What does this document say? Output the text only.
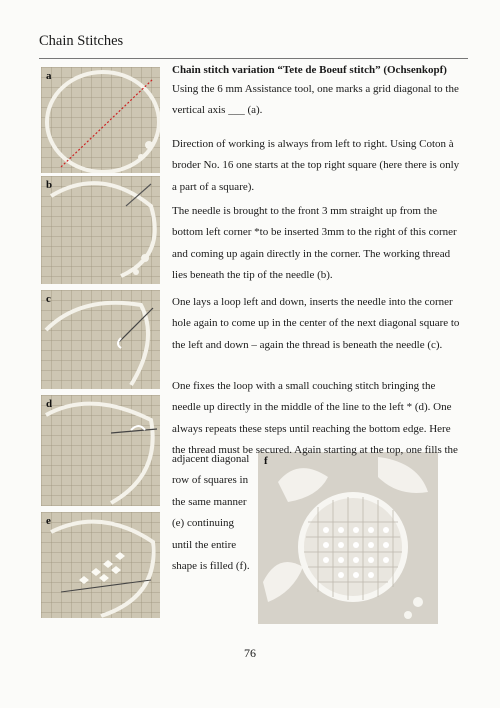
Chain Stitches
a
b
c
d
e
f
Chain stitch variation “Tete de Boeuf stitch” (Ochsenkopf)
Using the 6 mm Assistance tool, one marks a grid diagonal to the vertical axis ___ (a).
Direction of working is always from left to right. Using Coton à broder No. 16 one starts at the top right square (here there is only a part of a square).
The needle is brought to the front 3 mm straight up from the bottom left corner *to be inserted 3mm to the right of this corner and coming up again directly in the corner. The working thread lies beneath the tip of the needle (b).
One lays a loop left and down, inserts the needle into the corner hole again to come up in the center of the next diagonal square to the left and down – again the thread is beneath the needle (c).
One fixes the loop with a small couching stitch bringing the needle up directly in the middle of the line to the left * (d). One always repeats these steps until reaching the bottom edge. Here the thread must be secured. Again starting at the top, one fills the
adjacent diagonal row of squares in the same manner (e) continuing until the entire shape is filled (f).
76
